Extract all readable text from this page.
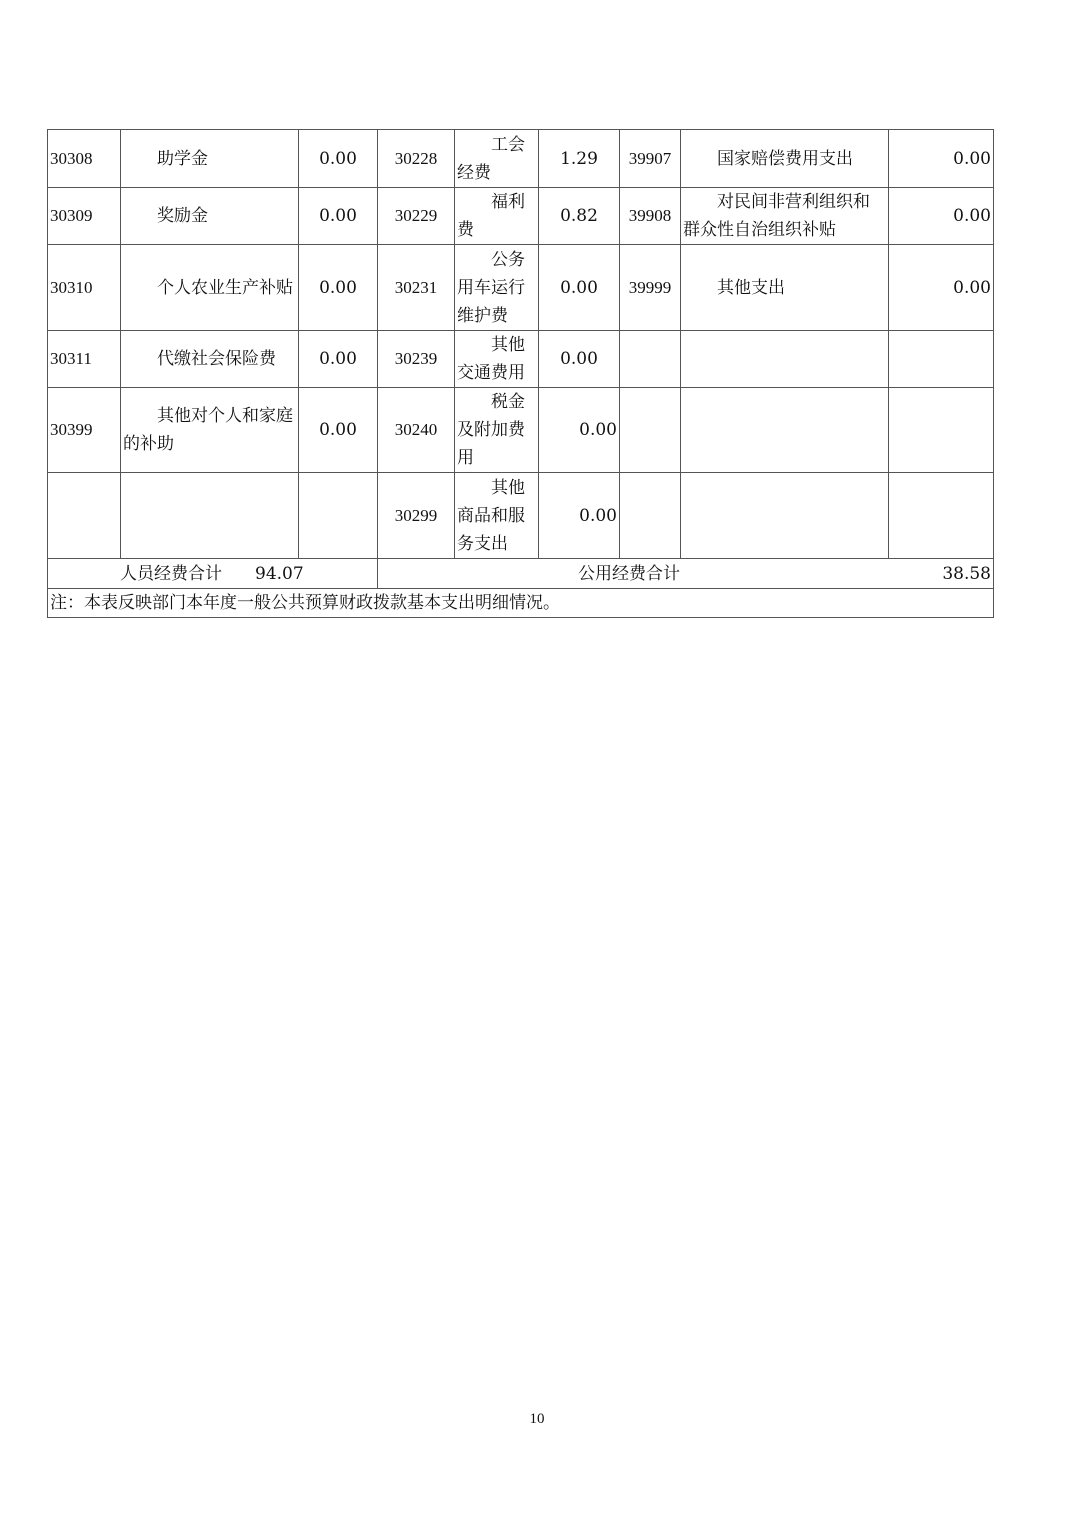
30308	助学金	0.00	30228	工会经费	1.29	39907	国家赔偿费用支出	0.00
30309	奖励金	0.00	30229	福利费	0.82	39908	对民间非营利组织和群众性自治组织补贴	0.00
30310	个人农业生产补贴	0.00	30231	公务用车运行维护费	0.00	39999	其他支出	0.00
30311	代缴社会保险费	0.00	30239	其他交通费用	0.00			
30399	其他对个人和家庭的补助	0.00	30240	税金及附加费用	0.00			
			30299	其他商品和服务支出	0.00			
人员经费合计 94.07			公用经费合计 38.58					

注：本表反映部门本年度一般公共预算财政拨款基本支出明细情况。								
10
